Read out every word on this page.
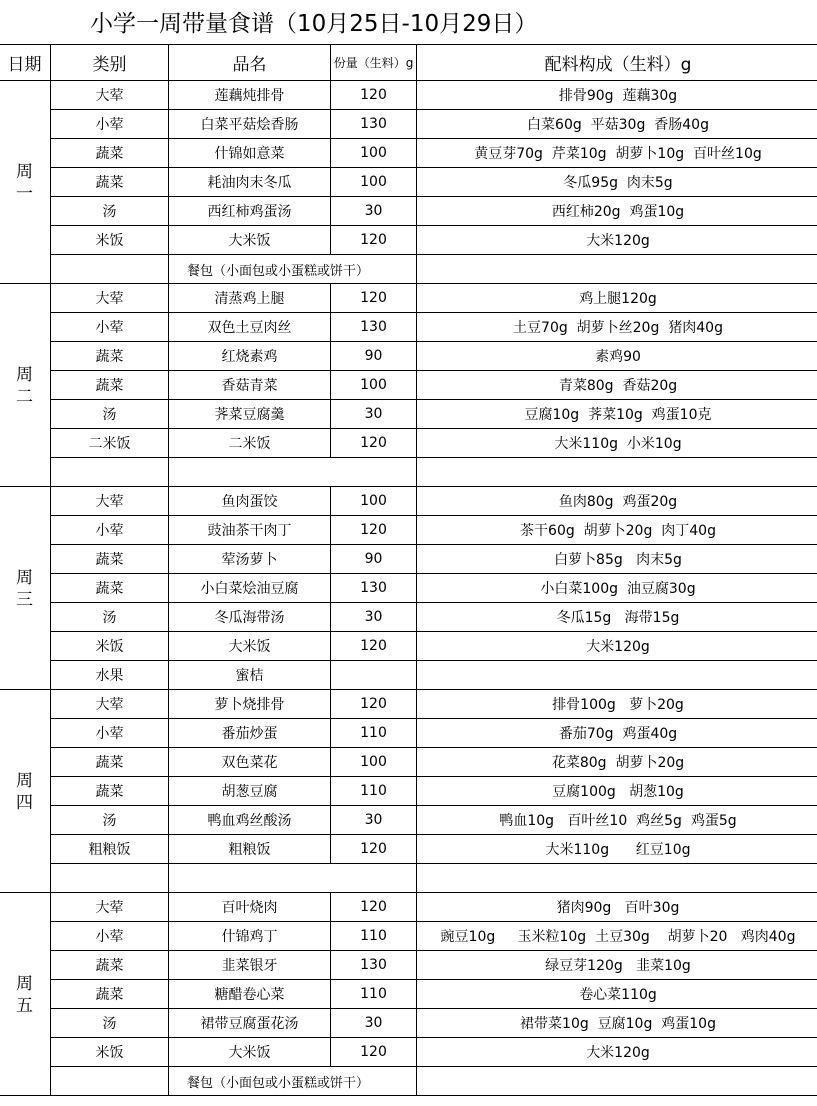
小学一周带量食谱（10月25日-10月29日）
日期	类别	品名	份量（生料）g	配料构成（生料）g	
周一	大荤	莲藕炖排骨	120	排骨90g  莲藕30g	
	小荤	白菜平菇烩香肠	130	白菜60g  平菇30g  香肠40g	
	蔬菜	什锦如意菜	100	黄豆芽70g  芹菜10g  胡萝卜10g  百叶丝10g	
	蔬菜	耗油肉末冬瓜	100	冬瓜95g  肉末5g	
	汤	西红柿鸡蛋汤	30	西红柿20g  鸡蛋10g	
	米饭	大米饭	120	大米120g	
		餐包（小面包或小蛋糕或饼干）			
周二	大荤	清蒸鸡上腿	120	鸡上腿120g	
	小荤	双色土豆肉丝	130	土豆70g  胡萝卜丝20g  猪肉40g	
	蔬菜	红烧素鸡	90	素鸡90	
	蔬菜	香菇青菜	100	青菜80g  香菇20g	
	汤	荠菜豆腐羹	30	豆腐10g  荠菜10g  鸡蛋10克	
	二米饭	二米饭	120	大米110g  小米10g	

周三	大荤	鱼肉蛋饺	100	鱼肉80g  鸡蛋20g	
	小荤	豉油茶干肉丁	120	茶干60g  胡萝卜20g  肉丁40g	
	蔬菜	荤汤萝卜	90	白萝卜85g   肉末5g	
	蔬菜	小白菜烩油豆腐	130	小白菜100g  油豆腐30g	
	汤	冬瓜海带汤	30	冬瓜15g   海带15g	
	米饭	大米饭	120	大米120g	
	水果	蜜桔			
周四	大荤	萝卜烧排骨	120	排骨100g   萝卜20g	
	小荤	番茄炒蛋	110	番茄70g  鸡蛋40g	
	蔬菜	双色菜花	100	花菜80g  胡萝卜20g	
	蔬菜	胡葱豆腐	110	豆腐100g   胡葱10g	
	汤	鸭血鸡丝酸汤	30	鸭血10g   百叶丝10  鸡丝5g  鸡蛋5g	
	粗粮饭	粗粮饭	120	大米110g      红豆10g	

周五	大荤	百叶烧肉	120	猪肉90g   百叶30g	
	小荤	什锦鸡丁	110	豌豆10g     玉米粒10g  土豆30g    胡萝卜20   鸡肉40g	
	蔬菜	韭菜银牙	130	绿豆芽120g   韭菜10g	
	蔬菜	糖醋卷心菜	110	卷心菜110g	
	汤	裙带豆腐蛋花汤	30	裙带菜10g  豆腐10g  鸡蛋10g	
	米饭	大米饭	120	大米120g	
		餐包（小面包或小蛋糕或饼干）			
